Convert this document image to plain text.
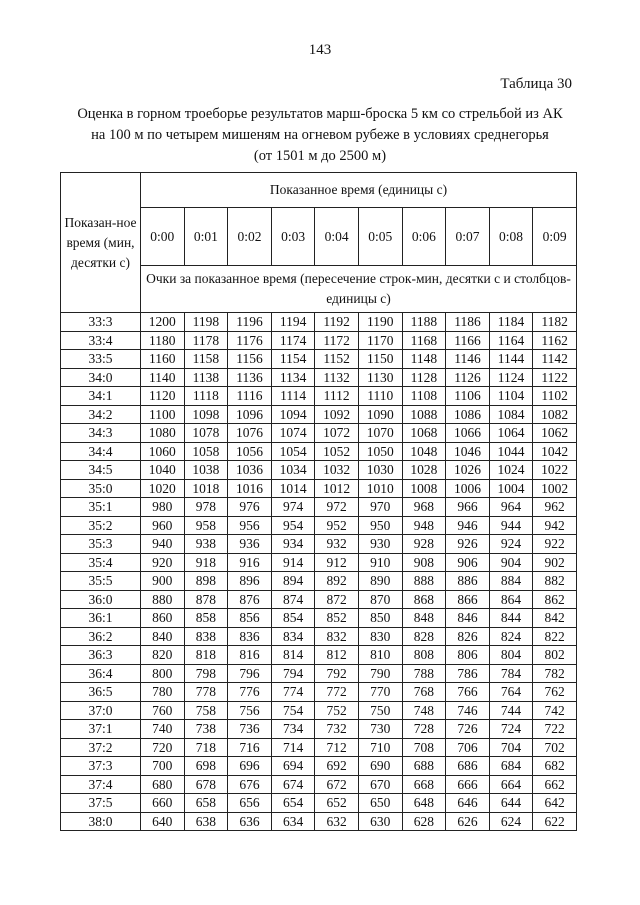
143
Таблица 30
Оценка в горном троеборье результатов марш-броска 5 км со стрельбой из АК
на 100 м по четырем мишеням на огневом рубеже в условиях среднегорья
(от 1501 м до 2500 м)
Показан-ное время (мин, десятки с)	Показанное время (единицы с)									
	0:00	0:01	0:02	0:03	0:04	0:05	0:06	0:07	0:08	0:09
	Очки за показанное время (пересечение строк-мин, десятки с и столбцов-единицы с)									
33:3	1200	1198	1196	1194	1192	1190	1188	1186	1184	1182
33:4	1180	1178	1176	1174	1172	1170	1168	1166	1164	1162
33:5	1160	1158	1156	1154	1152	1150	1148	1146	1144	1142
34:0	1140	1138	1136	1134	1132	1130	1128	1126	1124	1122
34:1	1120	1118	1116	1114	1112	1110	1108	1106	1104	1102
34:2	1100	1098	1096	1094	1092	1090	1088	1086	1084	1082
34:3	1080	1078	1076	1074	1072	1070	1068	1066	1064	1062
34:4	1060	1058	1056	1054	1052	1050	1048	1046	1044	1042
34:5	1040	1038	1036	1034	1032	1030	1028	1026	1024	1022
35:0	1020	1018	1016	1014	1012	1010	1008	1006	1004	1002
35:1	980	978	976	974	972	970	968	966	964	962
35:2	960	958	956	954	952	950	948	946	944	942
35:3	940	938	936	934	932	930	928	926	924	922
35:4	920	918	916	914	912	910	908	906	904	902
35:5	900	898	896	894	892	890	888	886	884	882
36:0	880	878	876	874	872	870	868	866	864	862
36:1	860	858	856	854	852	850	848	846	844	842
36:2	840	838	836	834	832	830	828	826	824	822
36:3	820	818	816	814	812	810	808	806	804	802
36:4	800	798	796	794	792	790	788	786	784	782
36:5	780	778	776	774	772	770	768	766	764	762
37:0	760	758	756	754	752	750	748	746	744	742
37:1	740	738	736	734	732	730	728	726	724	722
37:2	720	718	716	714	712	710	708	706	704	702
37:3	700	698	696	694	692	690	688	686	684	682
37:4	680	678	676	674	672	670	668	666	664	662
37:5	660	658	656	654	652	650	648	646	644	642
38:0	640	638	636	634	632	630	628	626	624	622
